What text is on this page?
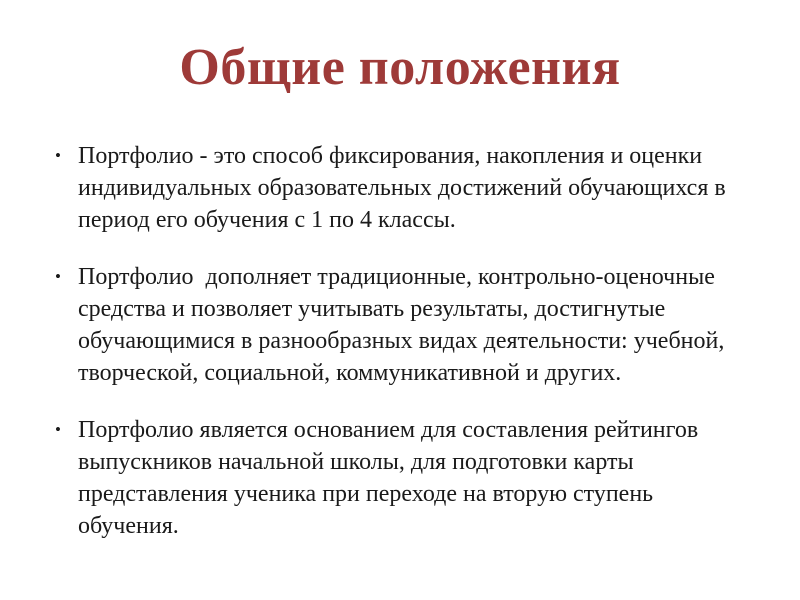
Общие положения
• Портфолио - это способ фиксирования, накопления и оценки индивидуальных образовательных достижений обучающихся в период его обучения с 1 по 4 классы.
• Портфолио  дополняет традиционные, контрольно-оценочные средства и позволяет учитывать результаты, достигнутые обучающимися в разнообразных видах деятельности: учебной, творческой, социальной, коммуникативной и других.
• Портфолио является основанием для составления рейтингов выпускников начальной школы, для подготовки карты представления ученика при переходе на вторую ступень обучения.
